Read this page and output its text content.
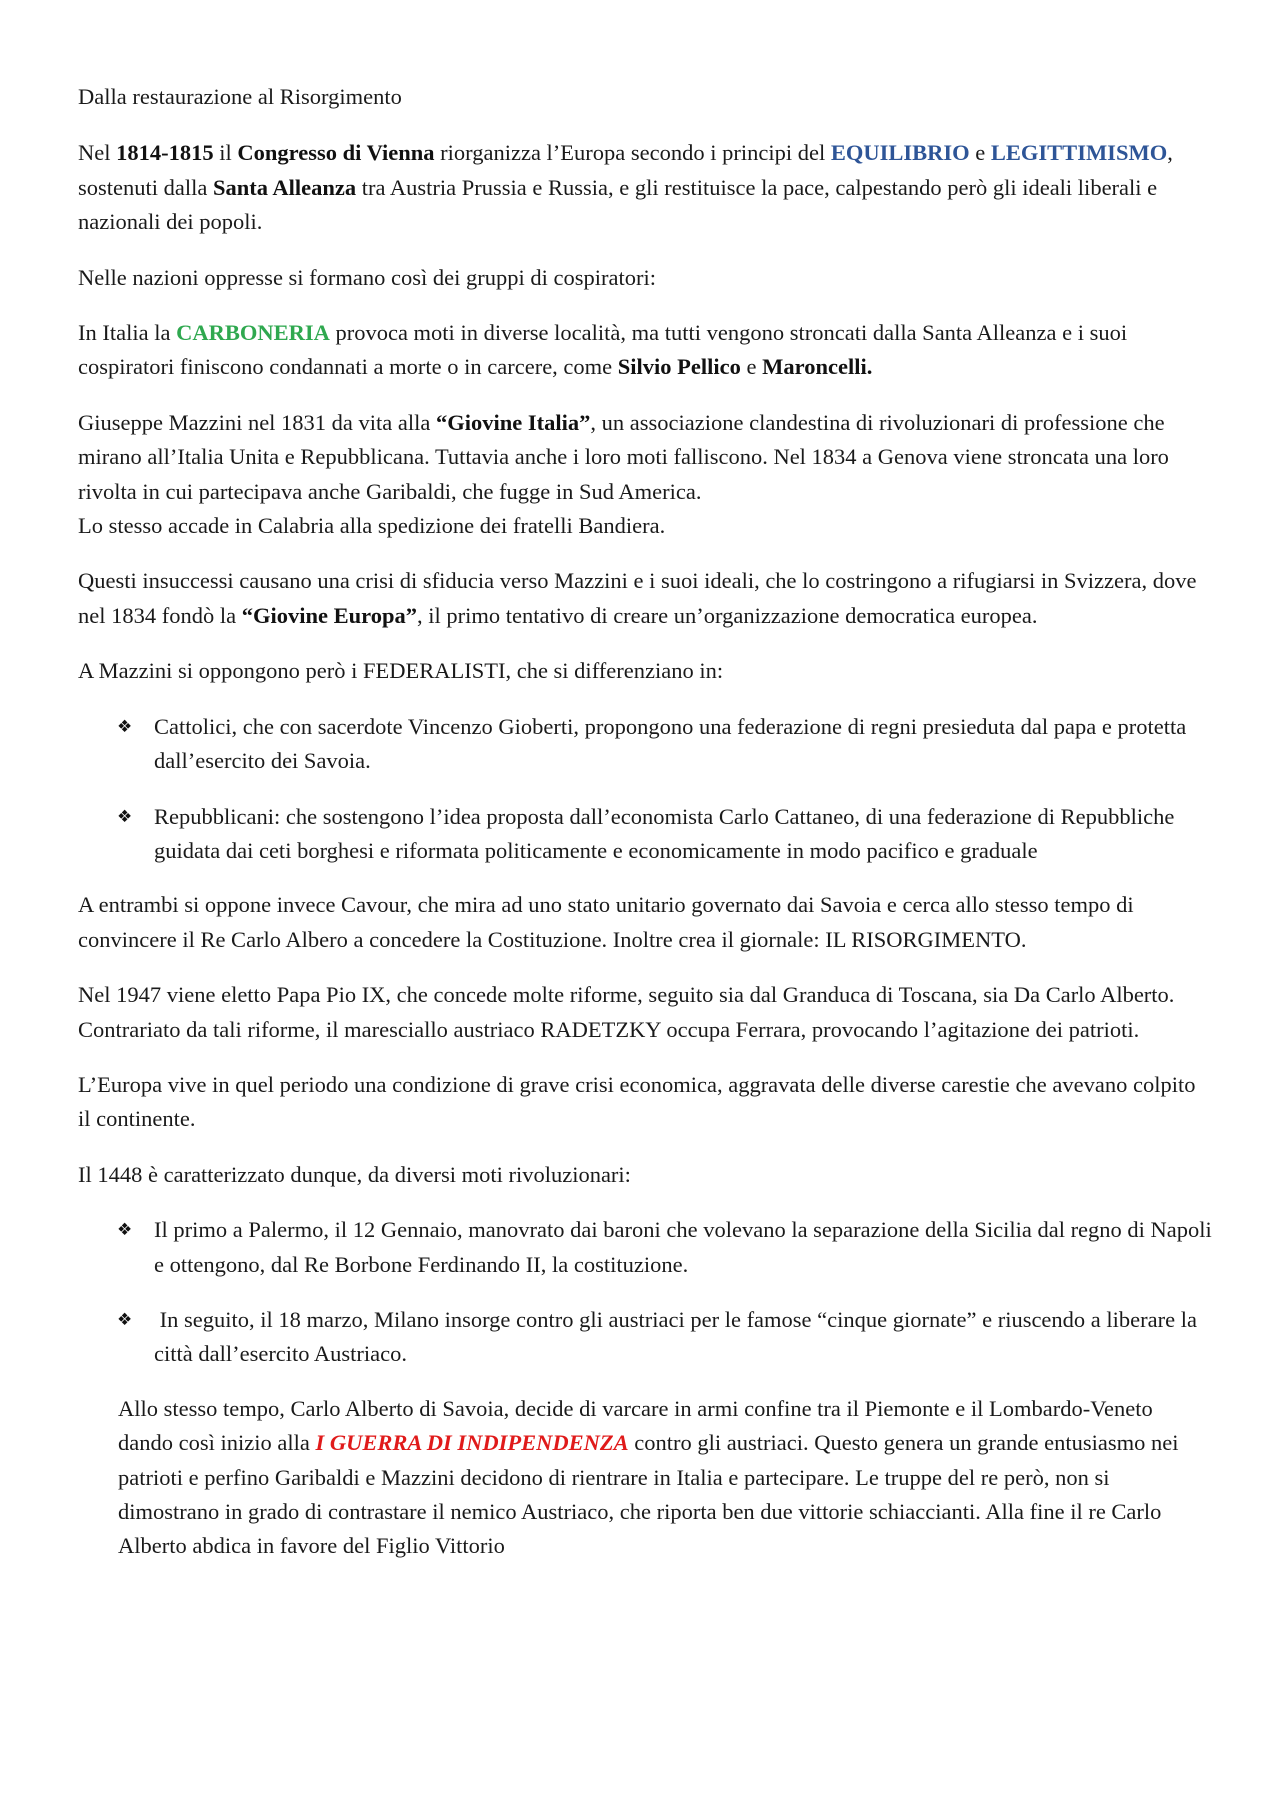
Dalla restaurazione al Risorgimento

Nel 1814-1815 il Congresso di Vienna riorganizza l’Europa secondo i principi del EQUILIBRIO e LEGITTIMISMO, sostenuti dalla Santa Alleanza tra Austria Prussia e Russia, e gli restituisce la pace, calpestando però gli ideali liberali e nazionali dei popoli.

Nelle nazioni oppresse si formano così dei gruppi di cospiratori:

In Italia la CARBONERIA provoca moti in diverse località, ma tutti vengono stroncati dalla Santa Alleanza e i suoi cospiratori finiscono condannati a morte o in carcere, come Silvio Pellico e Maroncelli.

Giuseppe Mazzini nel 1831 da vita alla “Giovine Italia”, un associazione clandestina di rivoluzionari di professione che mirano all’Italia Unita e Repubblicana. Tuttavia anche i loro moti falliscono. Nel 1834 a Genova viene stroncata una loro rivolta in cui partecipava anche Garibaldi, che fugge in Sud America.
Lo stesso accade in Calabria alla spedizione dei fratelli Bandiera.

Questi insuccessi causano una crisi di sfiducia verso Mazzini e i suoi ideali, che lo costringono a rifugiarsi in Svizzera, dove nel 1834 fondò la “Giovine Europa”, il primo tentativo di creare un’organizzazione democratica europea.

A Mazzini si oppongono però i FEDERALISTI, che si differenziano in:

❖ Cattolici, che con sacerdote Vincenzo Gioberti, propongono una federazione di regni presieduta dal papa e protetta dall’esercito dei Savoia.
❖ Repubblicani: che sostengono l’idea proposta dall’economista Carlo Cattaneo, di una federazione di Repubbliche guidata dai ceti borghesi e riformata politicamente e economicamente in modo pacifico e graduale

A entrambi si oppone invece Cavour, che mira ad uno stato unitario governato dai Savoia e cerca allo stesso tempo di convincere il Re Carlo Albero a concedere la Costituzione. Inoltre crea il giornale: IL RISORGIMENTO.

Nel 1947 viene eletto Papa Pio IX, che concede molte riforme, seguito sia dal Granduca di Toscana, sia Da Carlo Alberto. Contrariato da tali riforme, il maresciallo austriaco RADETZKY occupa Ferrara, provocando l’agitazione dei patrioti.

L’Europa vive in quel periodo una condizione di grave crisi economica, aggravata delle diverse carestie che avevano colpito il continente.

Il 1448 è caratterizzato dunque, da diversi moti rivoluzionari:

❖ Il primo a Palermo, il 12 Gennaio, manovrato dai baroni che volevano la separazione della Sicilia dal regno di Napoli e ottengono, dal Re Borbone Ferdinando II, la costituzione.
❖ In seguito, il 18 marzo, Milano insorge contro gli austriaci per le famose “cinque giornate” e riuscendo a liberare la città dall’esercito Austriaco.

Allo stesso tempo, Carlo Alberto di Savoia, decide di varcare in armi confine tra il Piemonte e il Lombardo-Veneto dando così inizio alla I GUERRA DI INDIPENDENZA contro gli austriaci. Questo genera un grande entusiasmo nei patrioti e perfino Garibaldi e Mazzini decidono di rientrare in Italia e partecipare. Le truppe del re però, non si dimostrano in grado di contrastare il nemico Austriaco, che riporta ben due vittorie schiaccianti. Alla fine il re Carlo Alberto abdica in favore del Figlio Vittorio
